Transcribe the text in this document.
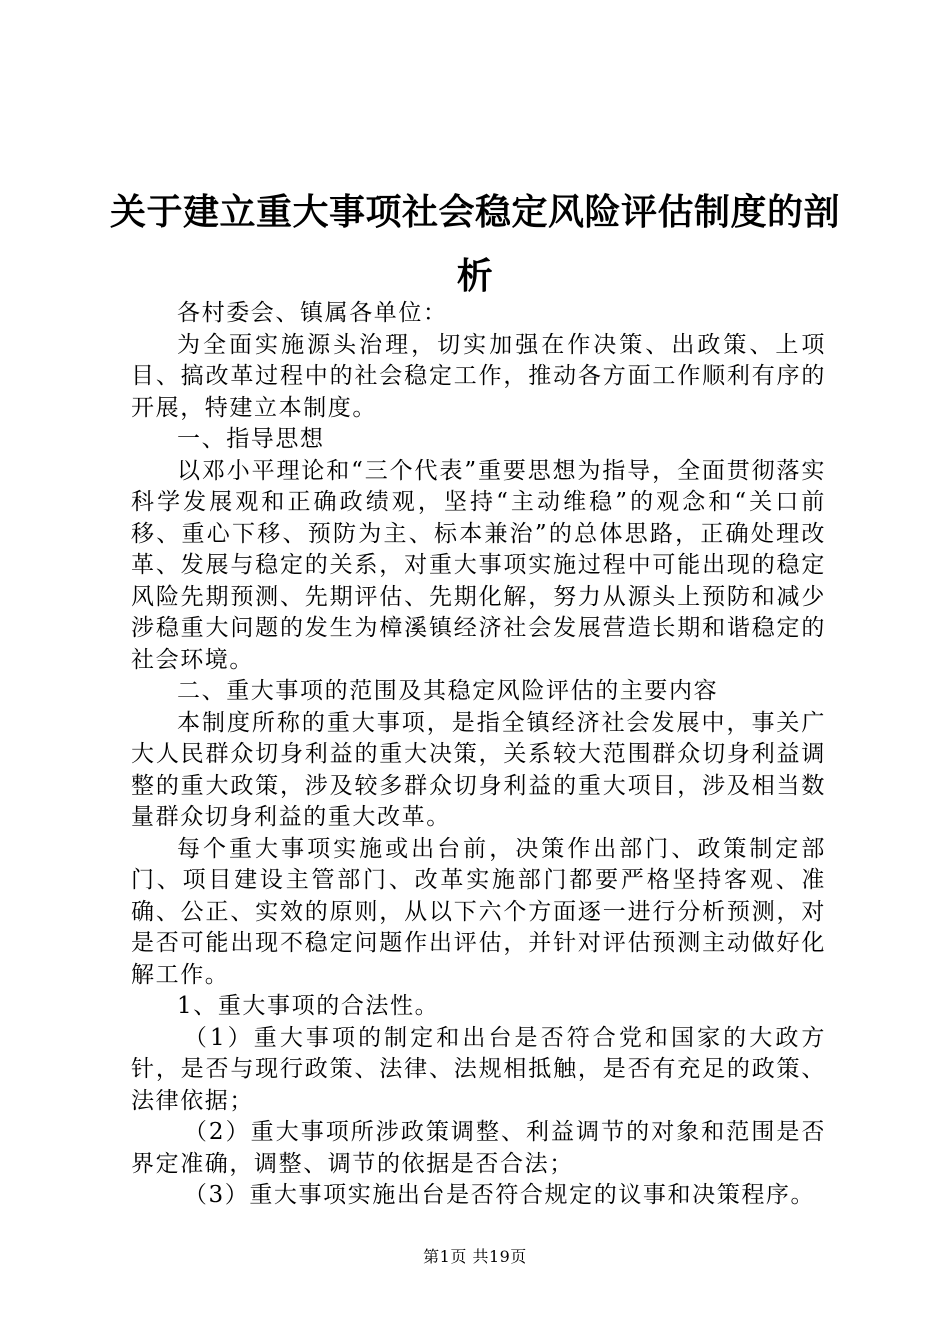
关于建立重大事项社会稳定风险评估制度的剖析

各村委会、镇属各单位：

为全面实施源头治理，切实加强在作决策、出政策、上项目、搞改革过程中的社会稳定工作，推动各方面工作顺利有序的开展，特建立本制度。

一、指导思想

以邓小平理论和“三个代表”重要思想为指导，全面贯彻落实科学发展观和正确政绩观，坚持“主动维稳”的观念和“关口前移、重心下移、预防为主、标本兼治”的总体思路，正确处理改革、发展与稳定的关系，对重大事项实施过程中可能出现的稳定风险先期预测、先期评估、先期化解，努力从源头上预防和减少涉稳重大问题的发生为樟溪镇经济社会发展营造长期和谐稳定的社会环境。

二、重大事项的范围及其稳定风险评估的主要内容

本制度所称的重大事项，是指全镇经济社会发展中，事关广大人民群众切身利益的重大决策，关系较大范围群众切身利益调整的重大政策，涉及较多群众切身利益的重大项目，涉及相当数量群众切身利益的重大改革。

每个重大事项实施或出台前，决策作出部门、政策制定部门、项目建设主管部门、改革实施部门都要严格坚持客观、准确、公正、实效的原则，从以下六个方面逐一进行分析预测，对是否可能出现不稳定问题作出评估，并针对评估预测主动做好化解工作。

1、重大事项的合法性。

（1）重大事项的制定和出台是否符合党和国家的大政方针，是否与现行政策、法律、法规相抵触，是否有充足的政策、法律依据；

（2）重大事项所涉政策调整、利益调节的对象和范围是否界定准确，调整、调节的依据是否合法；

（3）重大事项实施出台是否符合规定的议事和决策程序。

第1页 共19页
